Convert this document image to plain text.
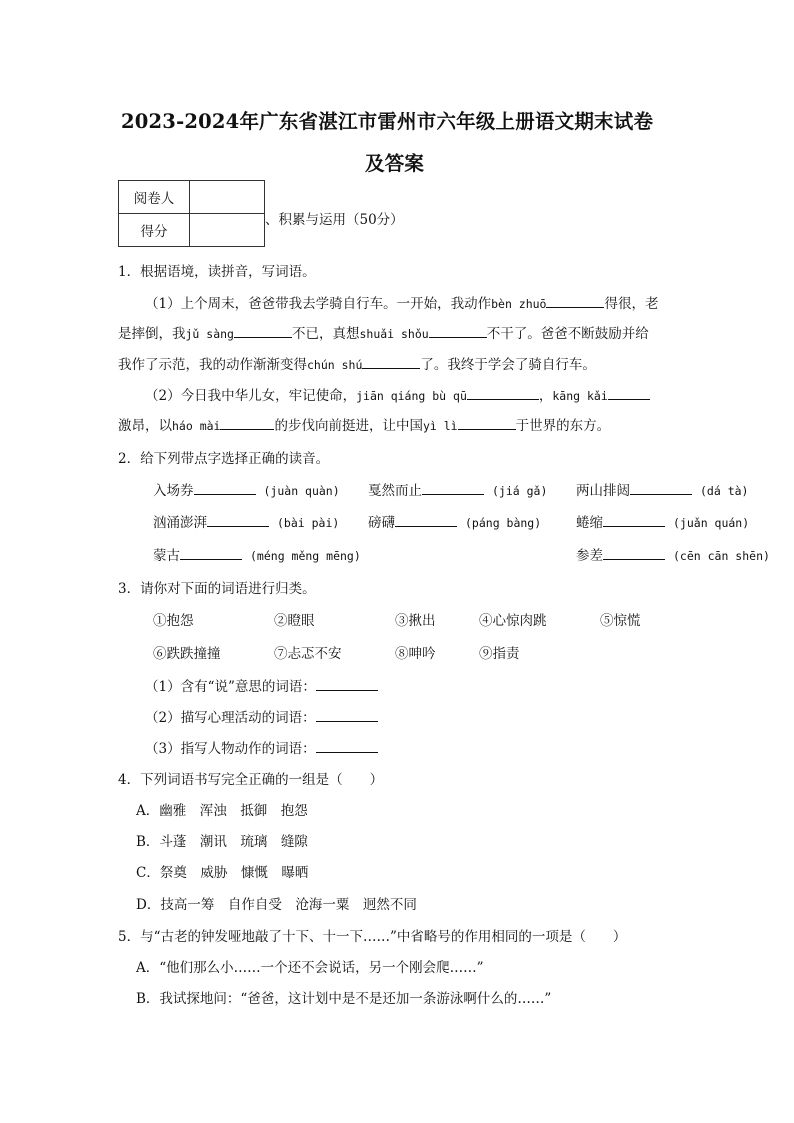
2023-2024年广东省湛江市雷州市六年级上册语文期末试卷
及答案
阅卷人	
得分	
、积累与运用（50分）
1．根据语境，读拼音，写词语。
（1）上个周末，爸爸带我去学骑自行车。一开始，我动作bèn zhuō	得很，老
是摔倒，我jǔ sàng	不已，真想shuǎi shǒu	不干了。爸爸不断鼓励并给
我作了示范，我的动作渐渐变得chún shú	了。我终于学会了骑自行车。
（2）今日我中华儿女，牢记使命，jiān qiáng bù qū	，kāng kǎi
激昂，以háo mài	的步伐向前挺进，让中国yì lì	于世界的东方。
2．给下列带点字选择正确的读音。
入场券	(juàn quàn) 戛然而止	(jiá gǎ) 两山排闼	(dá tà)
汹涌澎湃	(bài pài) 磅礴	(páng bàng)	蜷缩	(juǎn quán)
蒙古	(méng měng mēng)	参差	(cēn cān shēn)
3．请你对下面的词语进行归类。
①抱怨	②瞪眼	③揪出	④心惊肉跳	⑤惊慌
⑥跌跌撞撞	⑦忐忑不安	⑧呻吟	⑨指责
（1）含有“说”意思的词语：
（2）描写心理活动的词语：
（3）指写人物动作的词语：
4．下列词语书写完全正确的一组是（　　）
A．幽雅　浑浊　抵御　抱怨
B．斗蓬　潮讯　琉璃　缝隙
C．祭奠　威胁　慷慨　曝晒
D．技高一筹　自作自受　沧海一粟　迥然不同
5．与“古老的钟发哑地敲了十下、十一下……”中省略号的作用相同的一项是（　　）
A．“他们那么小……一个还不会说话，另一个刚会爬……”
B．我试探地问：“爸爸，这计划中是不是还加一条游泳啊什么的……”
